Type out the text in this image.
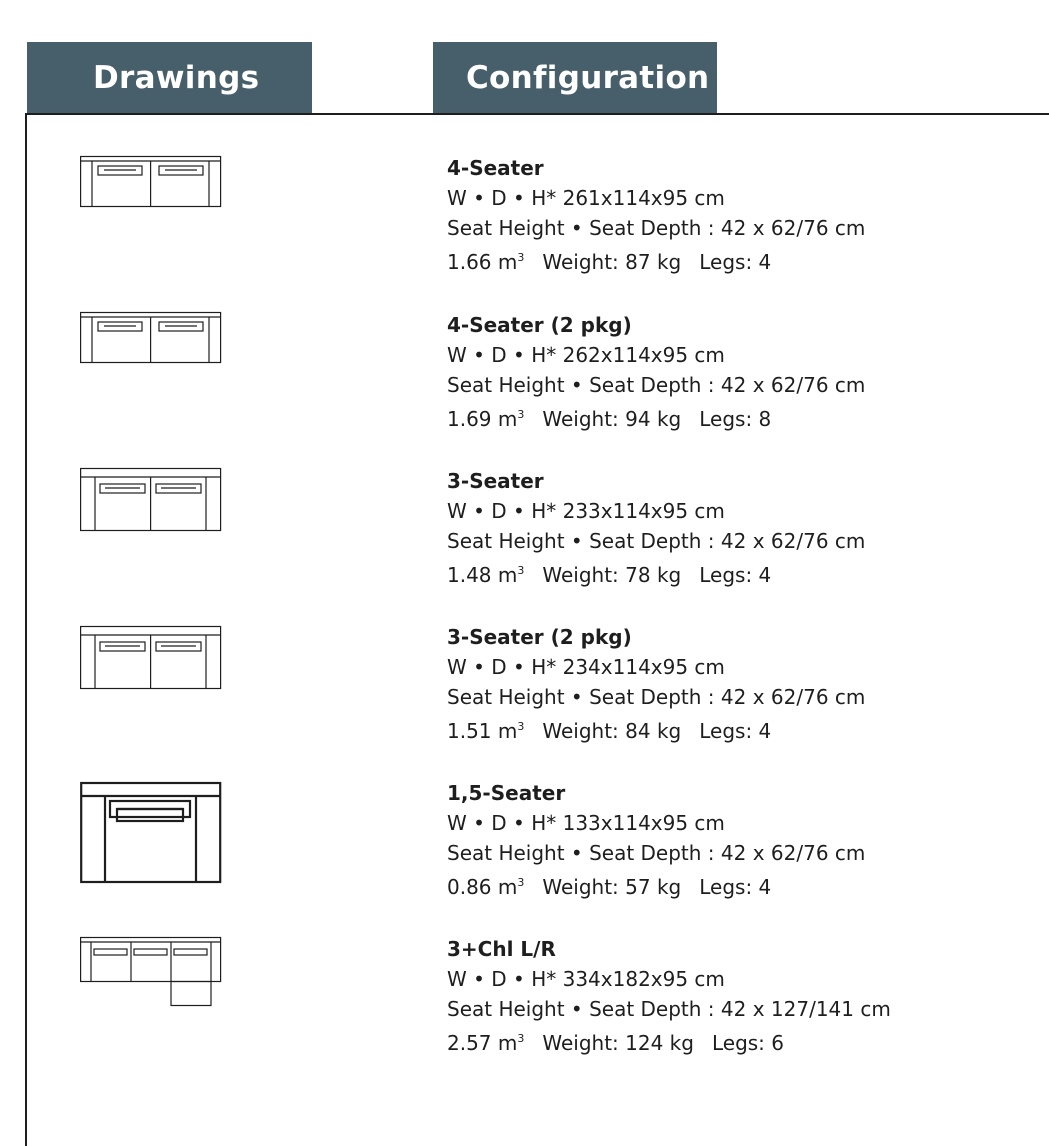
Drawings	Configuration
4-Seater
W • D • H* 261x114x95 cm
Seat Height • Seat Depth : 42 x 62/76 cm
1.66 $m^3$ Weight: 87 kg Legs: 4
4-Seater (2 pkg)
W • D • H* 262x114x95 cm
Seat Height • Seat Depth : 42 x 62/76 cm
1.69 $m^3$ Weight: 94 kg Legs: 8
3-Seater
W • D • H* 233x114x95 cm
Seat Height • Seat Depth : 42 x 62/76 cm
1.48 $m^3$ Weight: 78 kg Legs: 4
3-Seater (2 pkg)
W • D • H* 234x114x95 cm
Seat Height • Seat Depth : 42 x 62/76 cm
1.51 $m^3$ Weight: 84 kg Legs: 4
1,5-Seater
W • D • H* 133x114x95 cm
Seat Height • Seat Depth : 42 x 62/76 cm
0.86 $m^3$ Weight: 57 kg Legs: 4
3+Chl L/R
W • D • H* 334x182x95 cm
Seat Height • Seat Depth : 42 x 127/141 cm
2.57 $m^3$ Weight: 124 kg Legs: 6
